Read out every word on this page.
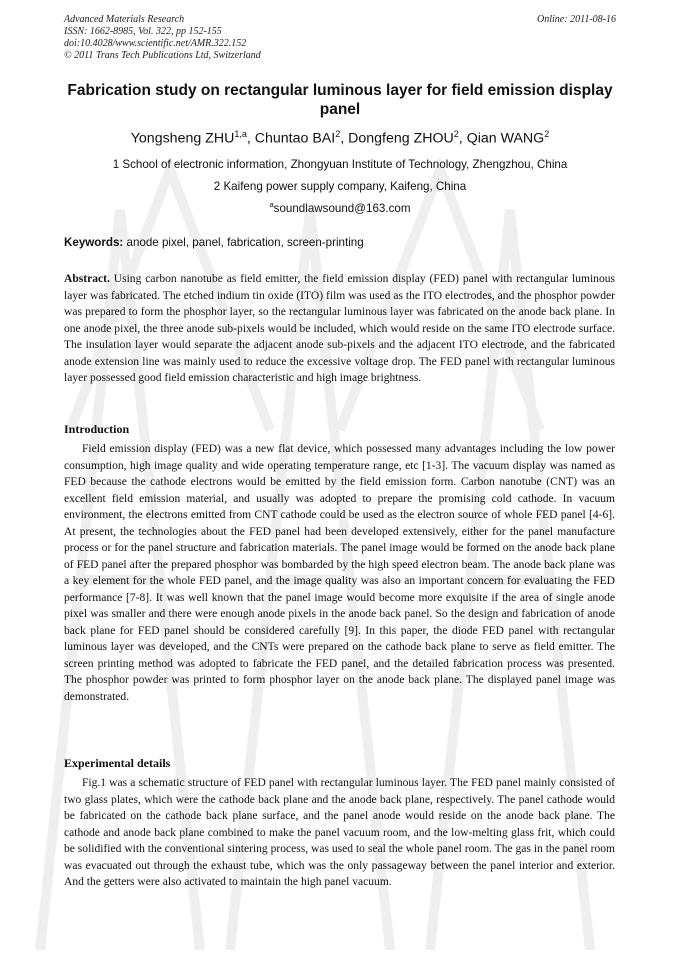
Advanced Materials Research
ISSN: 1662-8985, Vol. 322, pp 152-155
doi:10.4028/www.scientific.net/AMR.322.152
© 2011 Trans Tech Publications Ltd, Switzerland
Online: 2011-08-16
Fabrication study on rectangular luminous layer for field emission display panel
Yongsheng ZHU$^{1,a}$, Chuntao BAI$^2$, Dongfeng ZHOU$^2$, Qian WANG$^2$
1 School of electronic information, Zhongyuan Institute of Technology, Zhengzhou, China
2 Kaifeng power supply company, Kaifeng, China
$^a$soundlawsound@163.com
Keywords: anode pixel, panel, fabrication, screen-printing

Abstract. Using carbon nanotube as field emitter, the field emission display (FED) panel with rectangular luminous layer was fabricated. The etched indium tin oxide (ITO) film was used as the ITO electrodes, and the phosphor powder was prepared to form the phosphor layer, so the rectangular luminous layer was fabricated on the anode back plane. In one anode pixel, the three anode sub-pixels would be included, which would reside on the same ITO electrode surface. The insulation layer would separate the adjacent anode sub-pixels and the adjacent ITO electrode, and the fabricated anode extension line was mainly used to reduce the excessive voltage drop. The FED panel with rectangular luminous layer possessed good field emission characteristic and high image brightness.

Introduction

Field emission display (FED) was a new flat device, which possessed many advantages including the low power consumption, high image quality and wide operating temperature range, etc [1-3]. The vacuum display was named as FED because the cathode electrons would be emitted by the field emission form. Carbon nanotube (CNT) was an excellent field emission material, and usually was adopted to prepare the promising cold cathode. In vacuum environment, the electrons emitted from CNT cathode could be used as the electron source of whole FED panel [4-6]. At present, the technologies about the FED panel had been developed extensively, either for the panel manufacture process or for the panel structure and fabrication materials. The panel image would be formed on the anode back plane of FED panel after the prepared phosphor was bombarded by the high speed electron beam. The anode back plane was a key element for the whole FED panel, and the image quality was also an important concern for evaluating the FED performance [7-8]. It was well known that the panel image would become more exquisite if the area of single anode pixel was smaller and there were enough anode pixels in the anode back panel. So the design and fabrication of anode back plane for FED panel should be considered carefully [9]. In this paper, the diode FED panel with rectangular luminous layer was developed, and the CNTs were prepared on the cathode back plane to serve as field emitter. The screen printing method was adopted to fabricate the FED panel, and the detailed fabrication process was presented. The phosphor powder was printed to form phosphor layer on the anode back plane. The displayed panel image was demonstrated.

Experimental details

Fig.1 was a schematic structure of FED panel with rectangular luminous layer. The FED panel mainly consisted of two glass plates, which were the cathode back plane and the anode back plane, respectively. The panel cathode would be fabricated on the cathode back plane surface, and the panel anode would reside on the anode back plane. The cathode and anode back plane combined to make the panel vacuum room, and the low-melting glass frit, which could be solidified with the conventional sintering process, was used to seal the whole panel room. The gas in the panel room was evacuated out through the exhaust tube, which was the only passageway between the panel interior and exterior. And the getters were also activated to maintain the high panel vacuum.
